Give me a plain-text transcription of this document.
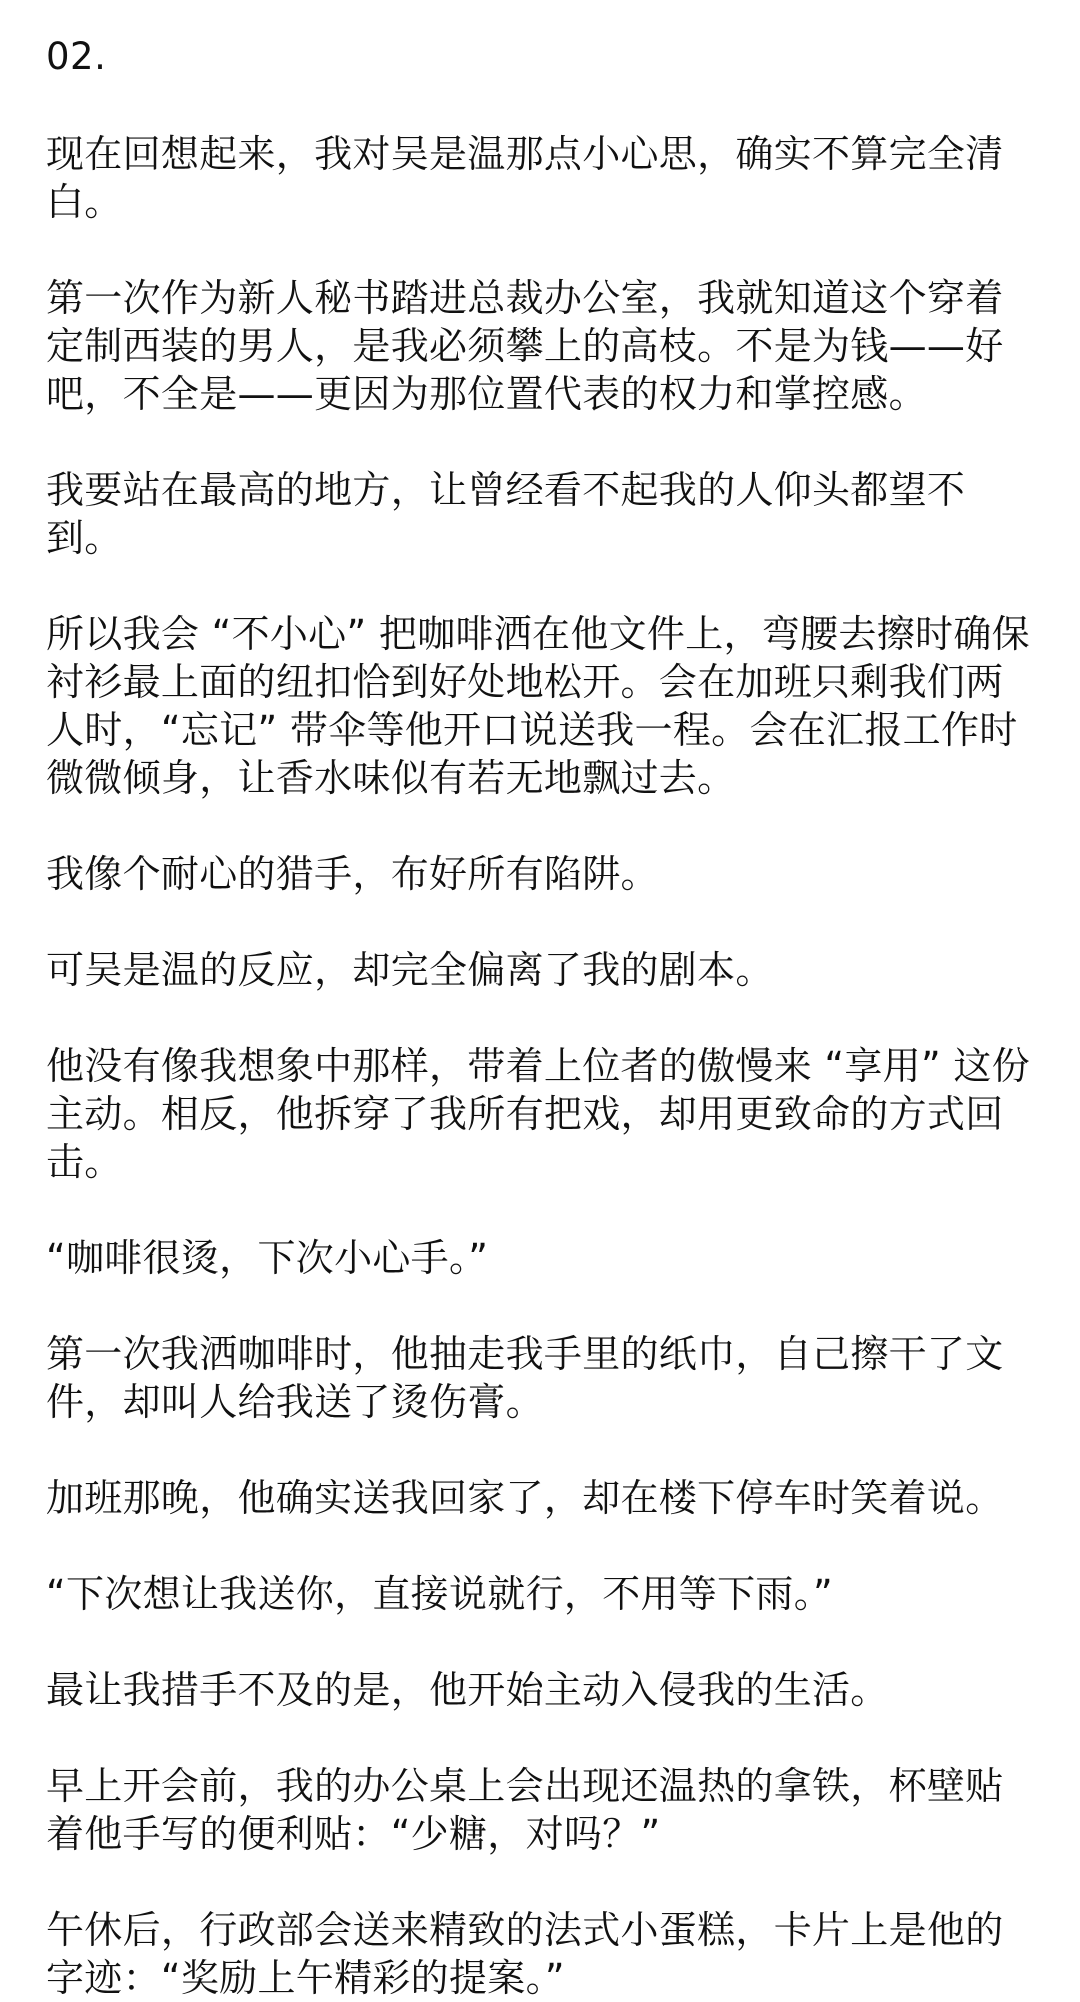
02.

现在回想起来，我对吴是温那点小心思，确实不算完全清白。

第一次作为新人秘书踏进总裁办公室，我就知道这个穿着定制西装的男人，是我必须攀上的高枝。不是为钱——好吧，不全是——更因为那位置代表的权力和掌控感。

我要站在最高的地方，让曾经看不起我的人仰头都望不到。

所以我会 “不小心” 把咖啡洒在他文件上，弯腰去擦时确保衬衫最上面的纽扣恰到好处地松开。会在加班只剩我们两人时，“忘记” 带伞等他开口说送我一程。会在汇报工作时微微倾身，让香水味似有若无地飘过去。

我像个耐心的猎手，布好所有陷阱。

可吴是温的反应，却完全偏离了我的剧本。

他没有像我想象中那样，带着上位者的傲慢来 “享用” 这份主动。相反，他拆穿了我所有把戏，却用更致命的方式回击。

“咖啡很烫，下次小心手。”

第一次我洒咖啡时，他抽走我手里的纸巾，自己擦干了文件，却叫人给我送了烫伤膏。

加班那晚，他确实送我回家了，却在楼下停车时笑着说。

“下次想让我送你，直接说就行，不用等下雨。”

最让我措手不及的是，他开始主动入侵我的生活。

早上开会前，我的办公桌上会出现还温热的拿铁，杯壁贴着他手写的便利贴：“少糖，对吗？”

午休后，行政部会送来精致的法式小蛋糕，卡片上是他的字迹：“奖励上午精彩的提案。”
